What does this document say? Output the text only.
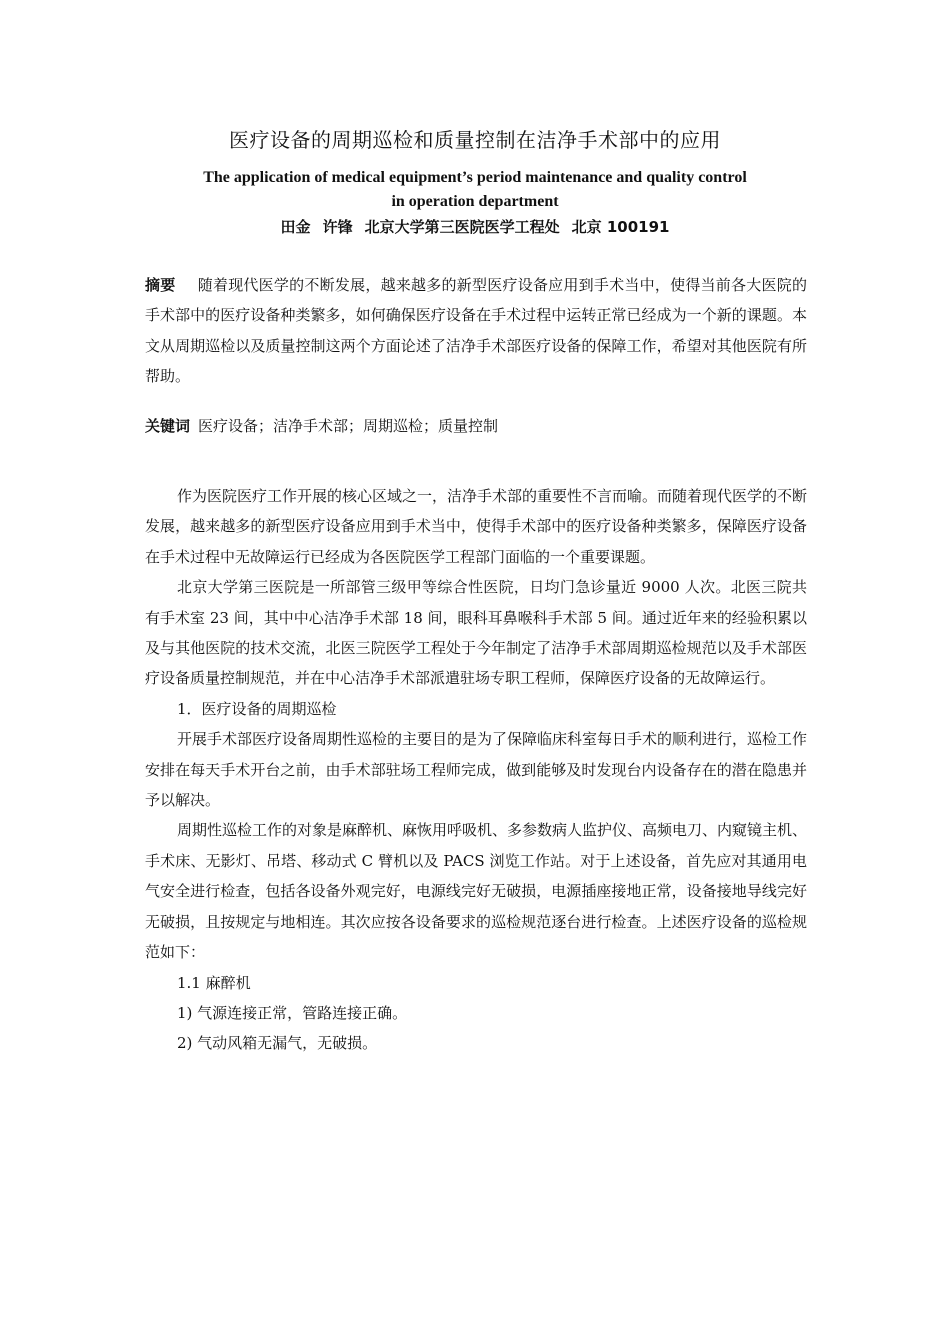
医疗设备的周期巡检和质量控制在洁净手术部中的应用
The application of medical equipment’s period maintenance and quality control
in operation department
田金 许锋 北京大学第三医院医学工程处 北京 100191

摘要 随着现代医学的不断发展，越来越多的新型医疗设备应用到手术当中，使得当前各大医院的手术部中的医疗设备种类繁多，如何确保医疗设备在手术过程中运转正常已经成为一个新的课题。本文从周期巡检以及质量控制这两个方面论述了洁净手术部医疗设备的保障工作，希望对其他医院有所帮助。

关键词 医疗设备；洁净手术部；周期巡检；质量控制

作为医院医疗工作开展的核心区域之一，洁净手术部的重要性不言而喻。而随着现代医学的不断发展，越来越多的新型医疗设备应用到手术当中，使得手术部中的医疗设备种类繁多，保障医疗设备在手术过程中无故障运行已经成为各医院医学工程部门面临的一个重要课题。

北京大学第三医院是一所部管三级甲等综合性医院，日均门急诊量近 9000 人次。北医三院共有手术室 23 间，其中中心洁净手术部 18 间，眼科耳鼻喉科手术部 5 间。通过近年来的经验积累以及与其他医院的技术交流，北医三院医学工程处于今年制定了洁净手术部周期巡检规范以及手术部医疗设备质量控制规范，并在中心洁净手术部派遣驻场专职工程师，保障医疗设备的无故障运行。

1．医疗设备的周期巡检

开展手术部医疗设备周期性巡检的主要目的是为了保障临床科室每日手术的顺利进行，巡检工作安排在每天手术开台之前，由手术部驻场工程师完成，做到能够及时发现台内设备存在的潜在隐患并予以解决。

周期性巡检工作的对象是麻醉机、麻恢用呼吸机、多参数病人监护仪、高频电刀、内窥镜主机、手术床、无影灯、吊塔、移动式 C 臂机以及 PACS 浏览工作站。对于上述设备，首先应对其通用电气安全进行检查，包括各设备外观完好，电源线完好无破损，电源插座接地正常，设备接地导线完好无破损，且按规定与地相连。其次应按各设备要求的巡检规范逐台进行检查。上述医疗设备的巡检规范如下：

1.1 麻醉机

1) 气源连接正常，管路连接正确。

2) 气动风箱无漏气，无破损。
